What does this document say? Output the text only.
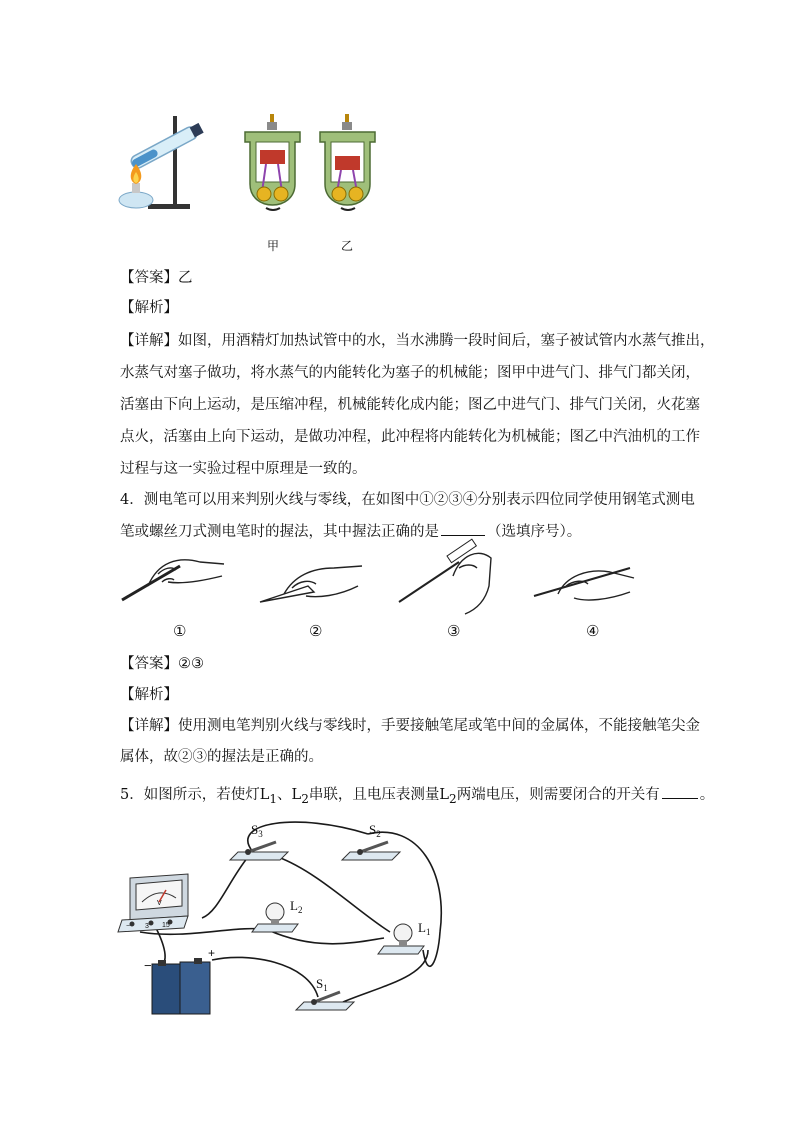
甲	乙
【答案】乙
【解析】
【详解】如图，用酒精灯加热试管中的水，当水沸腾一段时间后，塞子被试管内水蒸气推出，
水蒸气对塞子做功，将水蒸气的内能转化为塞子的机械能；图甲中进气门、排气门都关闭，
活塞由下向上运动，是压缩冲程，机械能转化成内能；图乙中进气门、排气门关闭，火花塞
点火，活塞由上向下运动，是做功冲程，此冲程将内能转化为机械能；图乙中汽油机的工作
过程与这一实验过程中原理是一致的。
4．测电笔可以用来判别火线与零线，在如图中①②③④分别表示四位同学使用钢笔式测电
笔或螺丝刀式测电笔时的握法，其中握法正确的是	（选填序号）。
①	②	③	④
【答案】②③
【解析】
【详解】使用测电笔判别火线与零线时，手要接触笔尾或笔中间的金属体，不能接触笔尖金
属体，故②③的握法是正确的。
5．如图所示，若使灯$L_1$、$L_2$串联，且电压表测量$L_2$两端电压，则需要闭合的开关有	。
$S_3$	$S_2$
$L_2$
$L_1$
$S_1$
V
− 3 15
−
+
